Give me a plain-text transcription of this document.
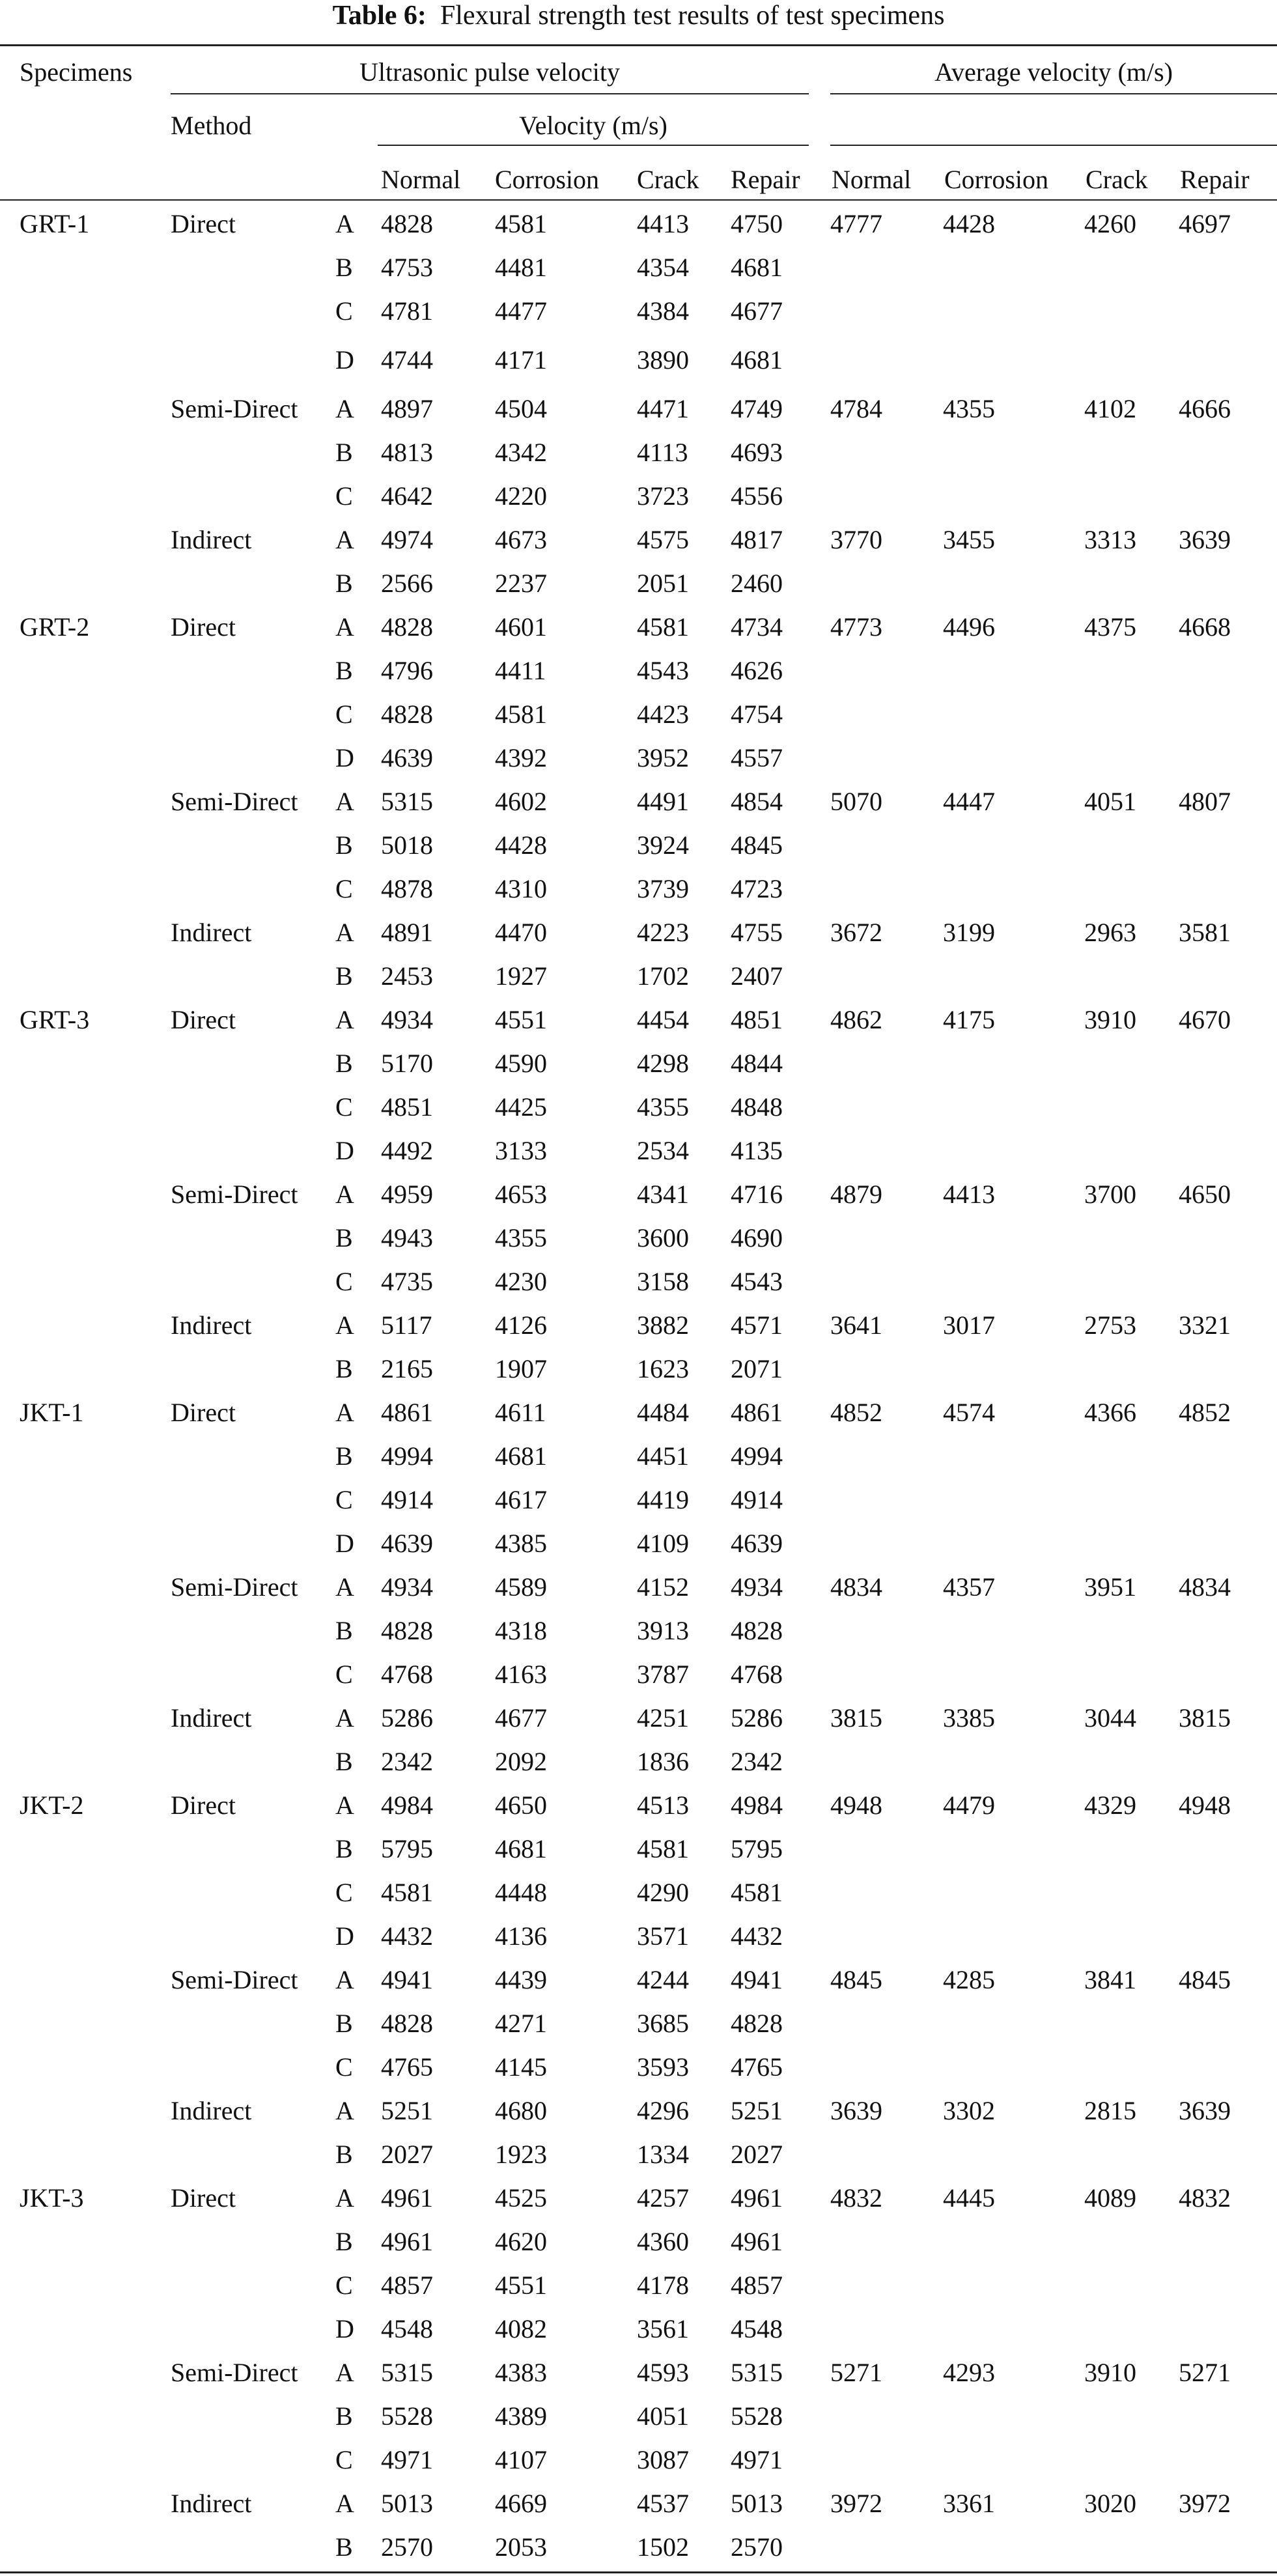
Table 6: Flexural strength test results of test specimens
Specimens	Ultrasonic pulse velocity	Average velocity (m/s)
Method	Velocity (m/s)
Normal Corrosion Crack Repair Normal Corrosion Crack Repair
GRT-1	Direct	A	4828	4581	4413	4750	4777	4428	4260	4697
		B	4753	4481	4354	4681				
		C	4781	4477	4384	4677				
		D	4744	4171	3890	4681				
	Semi-Direct	A	4897	4504	4471	4749	4784	4355	4102	4666
		B	4813	4342	4113	4693				
		C	4642	4220	3723	4556				
	Indirect	A	4974	4673	4575	4817	3770	3455	3313	3639
		B	2566	2237	2051	2460				
GRT-2	Direct	A	4828	4601	4581	4734	4773	4496	4375	4668
		B	4796	4411	4543	4626				
		C	4828	4581	4423	4754				
		D	4639	4392	3952	4557				
	Semi-Direct	A	5315	4602	4491	4854	5070	4447	4051	4807
		B	5018	4428	3924	4845				
		C	4878	4310	3739	4723				
	Indirect	A	4891	4470	4223	4755	3672	3199	2963	3581
		B	2453	1927	1702	2407				
GRT-3	Direct	A	4934	4551	4454	4851	4862	4175	3910	4670
		B	5170	4590	4298	4844				
		C	4851	4425	4355	4848				
		D	4492	3133	2534	4135				
	Semi-Direct	A	4959	4653	4341	4716	4879	4413	3700	4650
		B	4943	4355	3600	4690				
		C	4735	4230	3158	4543				
	Indirect	A	5117	4126	3882	4571	3641	3017	2753	3321
		B	2165	1907	1623	2071				
JKT-1	Direct	A	4861	4611	4484	4861	4852	4574	4366	4852
		B	4994	4681	4451	4994				
		C	4914	4617	4419	4914				
		D	4639	4385	4109	4639				
	Semi-Direct	A	4934	4589	4152	4934	4834	4357	3951	4834
		B	4828	4318	3913	4828				
		C	4768	4163	3787	4768				
	Indirect	A	5286	4677	4251	5286	3815	3385	3044	3815
		B	2342	2092	1836	2342				
JKT-2	Direct	A	4984	4650	4513	4984	4948	4479	4329	4948
		B	5795	4681	4581	5795				
		C	4581	4448	4290	4581				
		D	4432	4136	3571	4432				
	Semi-Direct	A	4941	4439	4244	4941	4845	4285	3841	4845
		B	4828	4271	3685	4828				
		C	4765	4145	3593	4765				
	Indirect	A	5251	4680	4296	5251	3639	3302	2815	3639
		B	2027	1923	1334	2027				
JKT-3	Direct	A	4961	4525	4257	4961	4832	4445	4089	4832
		B	4961	4620	4360	4961				
		C	4857	4551	4178	4857				
		D	4548	4082	3561	4548				
	Semi-Direct	A	5315	4383	4593	5315	5271	4293	3910	5271
		B	5528	4389	4051	5528				
		C	4971	4107	3087	4971				
	Indirect	A	5013	4669	4537	5013	3972	3361	3020	3972
		B	2570	2053	1502	2570				
